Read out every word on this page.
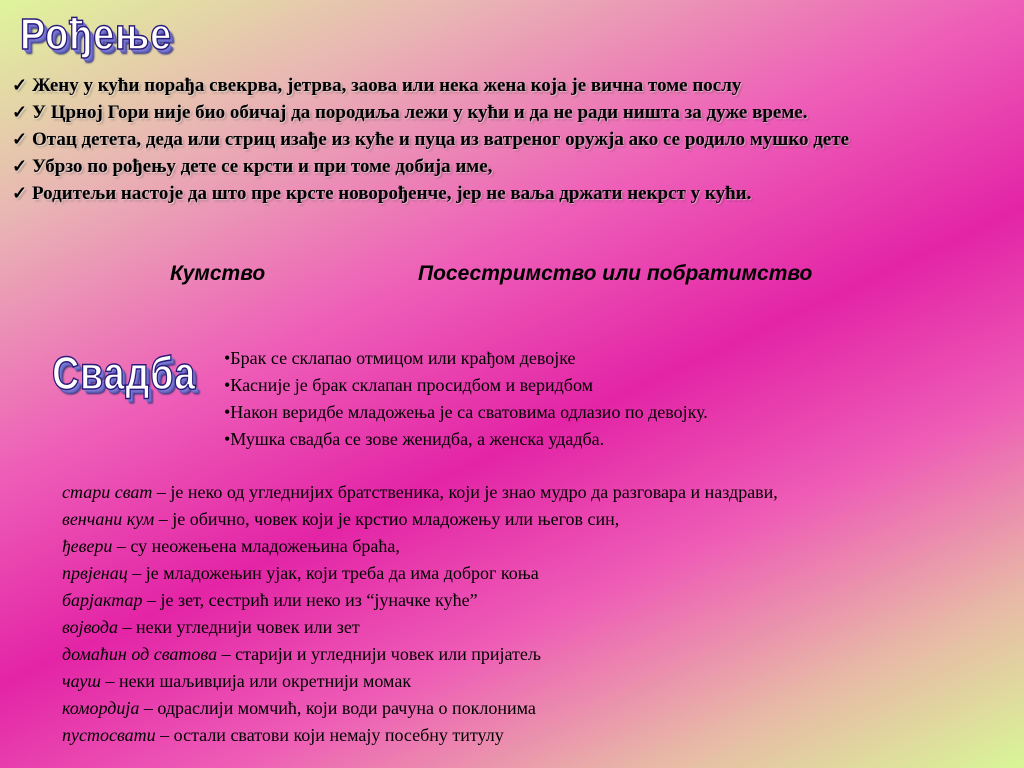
Рођење
✓ Жену у кући порађа свекрва, јетрва, заова или нека жена која је вична томе послу
✓ У Црној Гори није био обичај да породиља лежи у кући и да не ради ништа за дуже време.
✓ Отац детета, деда или стриц изађе из куће и пуца из ватреног оружја ако се родило мушко дете
✓ Убрзо по рођењу дете се крсти и при томе добија име,
✓ Родитељи настоје да што пре крсте новорођенче, јер не ваља држати некрст у кући.
Кумство	Посестримство или побратимство
Свадба •Брак се склапао отмицом или крађом девојке
•Касније је брак склапан просидбом и веридбом
•Након веридбе младожења је са сватовима одлазио по девојку.
•Мушка свадба се зове женидба, а женска удадба.
стари сват – је неко од угледнијих братственика, који је знао мудро да разговара и наздрави,
венчани кум – је обично, човек који је крстио младожењу или његов син,
ђевери – су неожењена младожењина браћа,
првјенац – је младожењин ујак, који треба да има доброг коња
барјактар – је зет, сестрић или неко из “јуначке куће”
војвода – неки угледнији човек или зет
домаћин од сватова – старији и угледнији човек или пријатељ
чауш – неки шаљивџија или окретнији момак
комордија – одраслији момчић, који води рачуна о поклонима
пустосвати – остали сватови који немају посебну титулу
